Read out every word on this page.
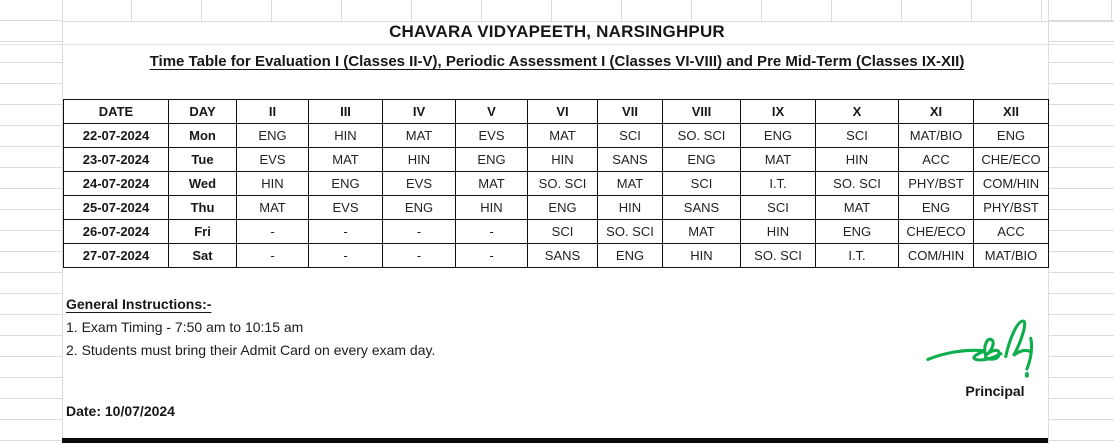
CHAVARA VIDYAPEETH, NARSINGHPUR
Time Table for Evaluation I (Classes II-V), Periodic Assessment I (Classes VI-VIII) and Pre Mid-Term (Classes IX-XII)
DATE	DAY	II	III	IV	V	VI	VII	VIII	IX	X	XI	XII
22-07-2024	Mon	ENG	HIN	MAT	EVS	MAT	SCI	SO. SCI	ENG	SCI	MAT/BIO	ENG
23-07-2024	Tue	EVS	MAT	HIN	ENG	HIN	SANS	ENG	MAT	HIN	ACC	CHE/ECO
24-07-2024	Wed	HIN	ENG	EVS	MAT	SO. SCI	MAT	SCI	I.T.	SO. SCI	PHY/BST	COM/HIN
25-07-2024	Thu	MAT	EVS	ENG	HIN	ENG	HIN	SANS	SCI	MAT	ENG	PHY/BST
26-07-2024	Fri	-	-	-	-	SCI	SO. SCI	MAT	HIN	ENG	CHE/ECO	ACC
27-07-2024	Sat	-	-	-	-	SANS	ENG	HIN	SO. SCI	I.T.	COM/HIN	MAT/BIO
General Instructions:-
1. Exam Timing - 7:50 am to 10:15 am
2. Students must bring their Admit Card on every exam day.
Principal
Date: 10/07/2024
